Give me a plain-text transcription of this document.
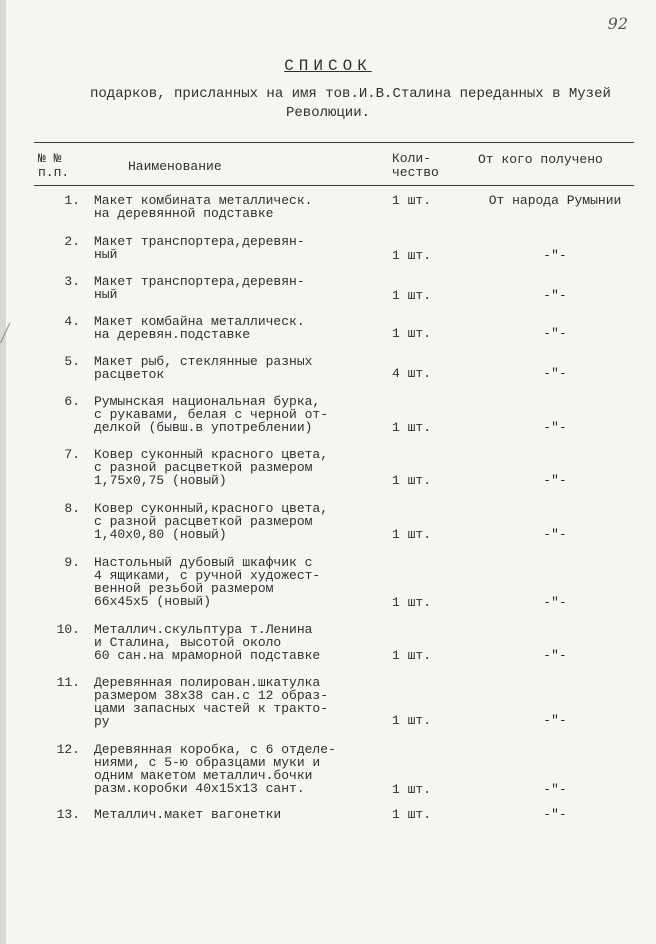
92
СПИСОК
подарков, присланных на имя тов.И.В.Сталина переданных в Музей
Революции.
№ №
п.п.	Наименование
Коли-
чество
От кого получено
1. Макет комбината металлическ.
на деревянной подставке
1 шт.	От народа Румынии
2. Макет транспортера,деревян-
ный	1 шт.	-"-
3. Макет транспортера,деревян-
ный	1 шт.	-"-
4. Макет комбайна металлическ.
на деревян.подставке	1 шт.	-"-
5. Макет рыб, стеклянные разных
расцветок	4 шт.	-"-
6. Румынская национальная бурка,
с рукавами, белая с черной от-
делкой (бывш.в употреблении)	1 шт.	-"-
7. Ковер суконный красного цвета,
с разной расцветкой размером
1,75х0,75 (новый)	1 шт.	-"-
8. Ковер суконный,красного цвета,
с разной расцветкой размером
1,40х0,80 (новый)	1 шт.	-"-
9. Настольный дубовый шкафчик с
4 ящиками, с ручной художест-
венной резьбой размером
66х45х5 (новый)	1 шт.	-"-
10. Металлич.скульптура т.Ленина
и Сталина, высотой около
60 сан.на мраморной подставке	1 шт.	-"-
11. Деревянная полирован.шкатулка
размером 38х38 сан.с 12 образ-
цами запасных частей к тракто-
ру	1 шт.	-"-
12. Деревянная коробка, с 6 отделе-
ниями, с 5-ю образцами муки и
одним макетом металлич.бочки
разм.коробки 40х15х13 сант.	1 шт.	-"-
13. Металлич.макет вагонетки	1 шт.	-"-
